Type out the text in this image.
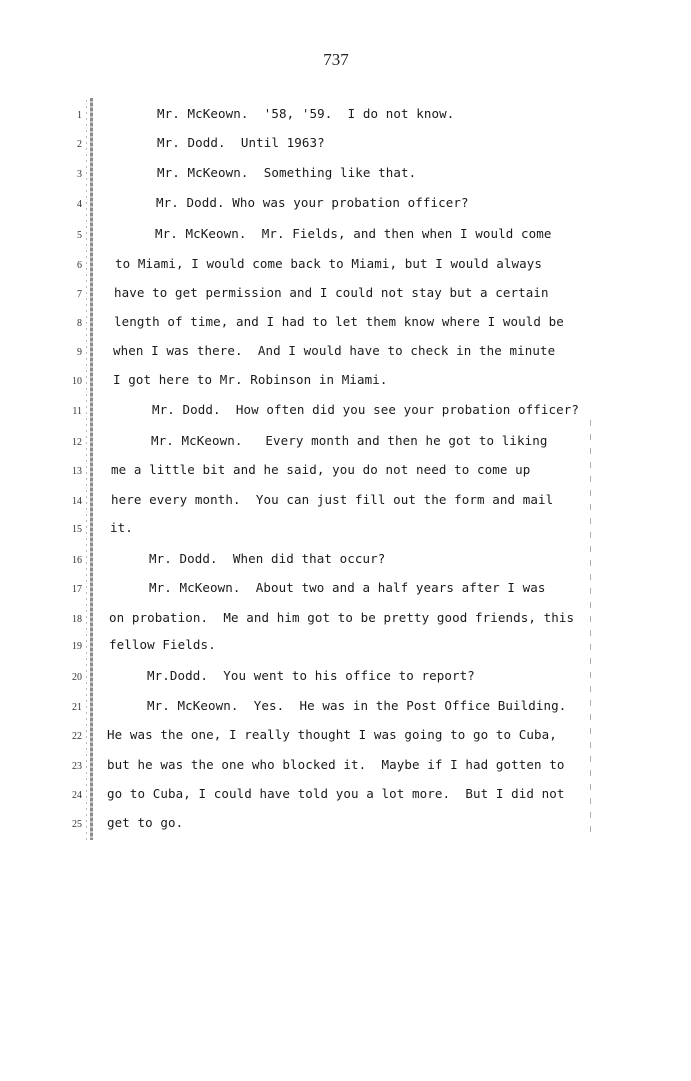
737
1	Mr. McKeown.  '58, '59.  I do not know.
2	Mr. Dodd.  Until 1963?
3	Mr. McKeown.  Something like that.
4	Mr. Dodd. Who was your probation officer?
5	Mr. McKeown.  Mr. Fields, and then when I would come
6	to Miami, I would come back to Miami, but I would always
7	have to get permission and I could not stay but a certain
8	length of time, and I had to let them know where I would be
9 when I was there.  And I would have to check in the minute
10 I got here to Mr. Robinson in Miami.
11	Mr. Dodd.  How often did you see your probation officer?
12	Mr. McKeown.   Every month and then he got to liking
13 me a little bit and he said, you do not need to come up
14 here every month.  You can just fill out the form and mail
15 it.
16	Mr. Dodd.  When did that occur?
17	Mr. McKeown.  About two and a half years after I was
18 on probation.  Me and him got to be pretty good friends, this
19 fellow Fields.
20	Mr.Dodd.  You went to his office to report?
21	Mr. McKeown.  Yes.  He was in the Post Office Building.
22 He was the one, I really thought I was going to go to Cuba,
23 but he was the one who blocked it.  Maybe if I had gotten to
24 go to Cuba, I could have told you a lot more.  But I did not
25 get to go.
